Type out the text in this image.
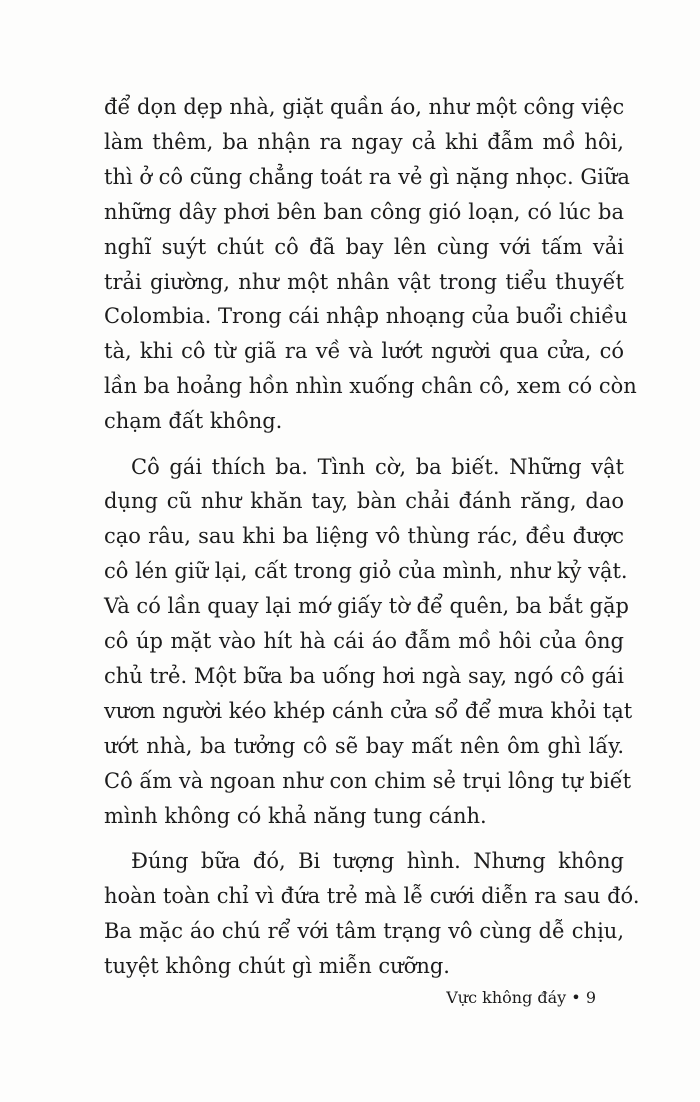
để dọn dẹp nhà, giặt quần áo, như một công việc
làm thêm, ba nhận ra ngay cả khi đẫm mồ hôi,
thì ở cô cũng chẳng toát ra vẻ gì nặng nhọc. Giữa
những dây phơi bên ban công gió loạn, có lúc ba
nghĩ suýt chút cô đã bay lên cùng với tấm vải
trải giường, như một nhân vật trong tiểu thuyết
Colombia. Trong cái nhập nhoạng của buổi chiều
tà, khi cô từ giã ra về và lướt người qua cửa, có
lần ba hoảng hồn nhìn xuống chân cô, xem có còn
chạm đất không.

Cô gái thích ba. Tình cờ, ba biết. Những vật
dụng cũ như khăn tay, bàn chải đánh răng, dao
cạo râu, sau khi ba liệng vô thùng rác, đều được
cô lén giữ lại, cất trong giỏ của mình, như kỷ vật.
Và có lần quay lại mớ giấy tờ để quên, ba bắt gặp
cô úp mặt vào hít hà cái áo đẫm mồ hôi của ông
chủ trẻ. Một bữa ba uống hơi ngà say, ngó cô gái
vươn người kéo khép cánh cửa sổ để mưa khỏi tạt
ướt nhà, ba tưởng cô sẽ bay mất nên ôm ghì lấy.
Cô ấm và ngoan như con chim sẻ trụi lông tự biết
mình không có khả năng tung cánh.

Đúng bữa đó, Bi tượng hình. Nhưng không
hoàn toàn chỉ vì đứa trẻ mà lễ cưới diễn ra sau đó.
Ba mặc áo chú rể với tâm trạng vô cùng dễ chịu,
tuyệt không chút gì miễn cưỡng.

Vực không đáy • 9
